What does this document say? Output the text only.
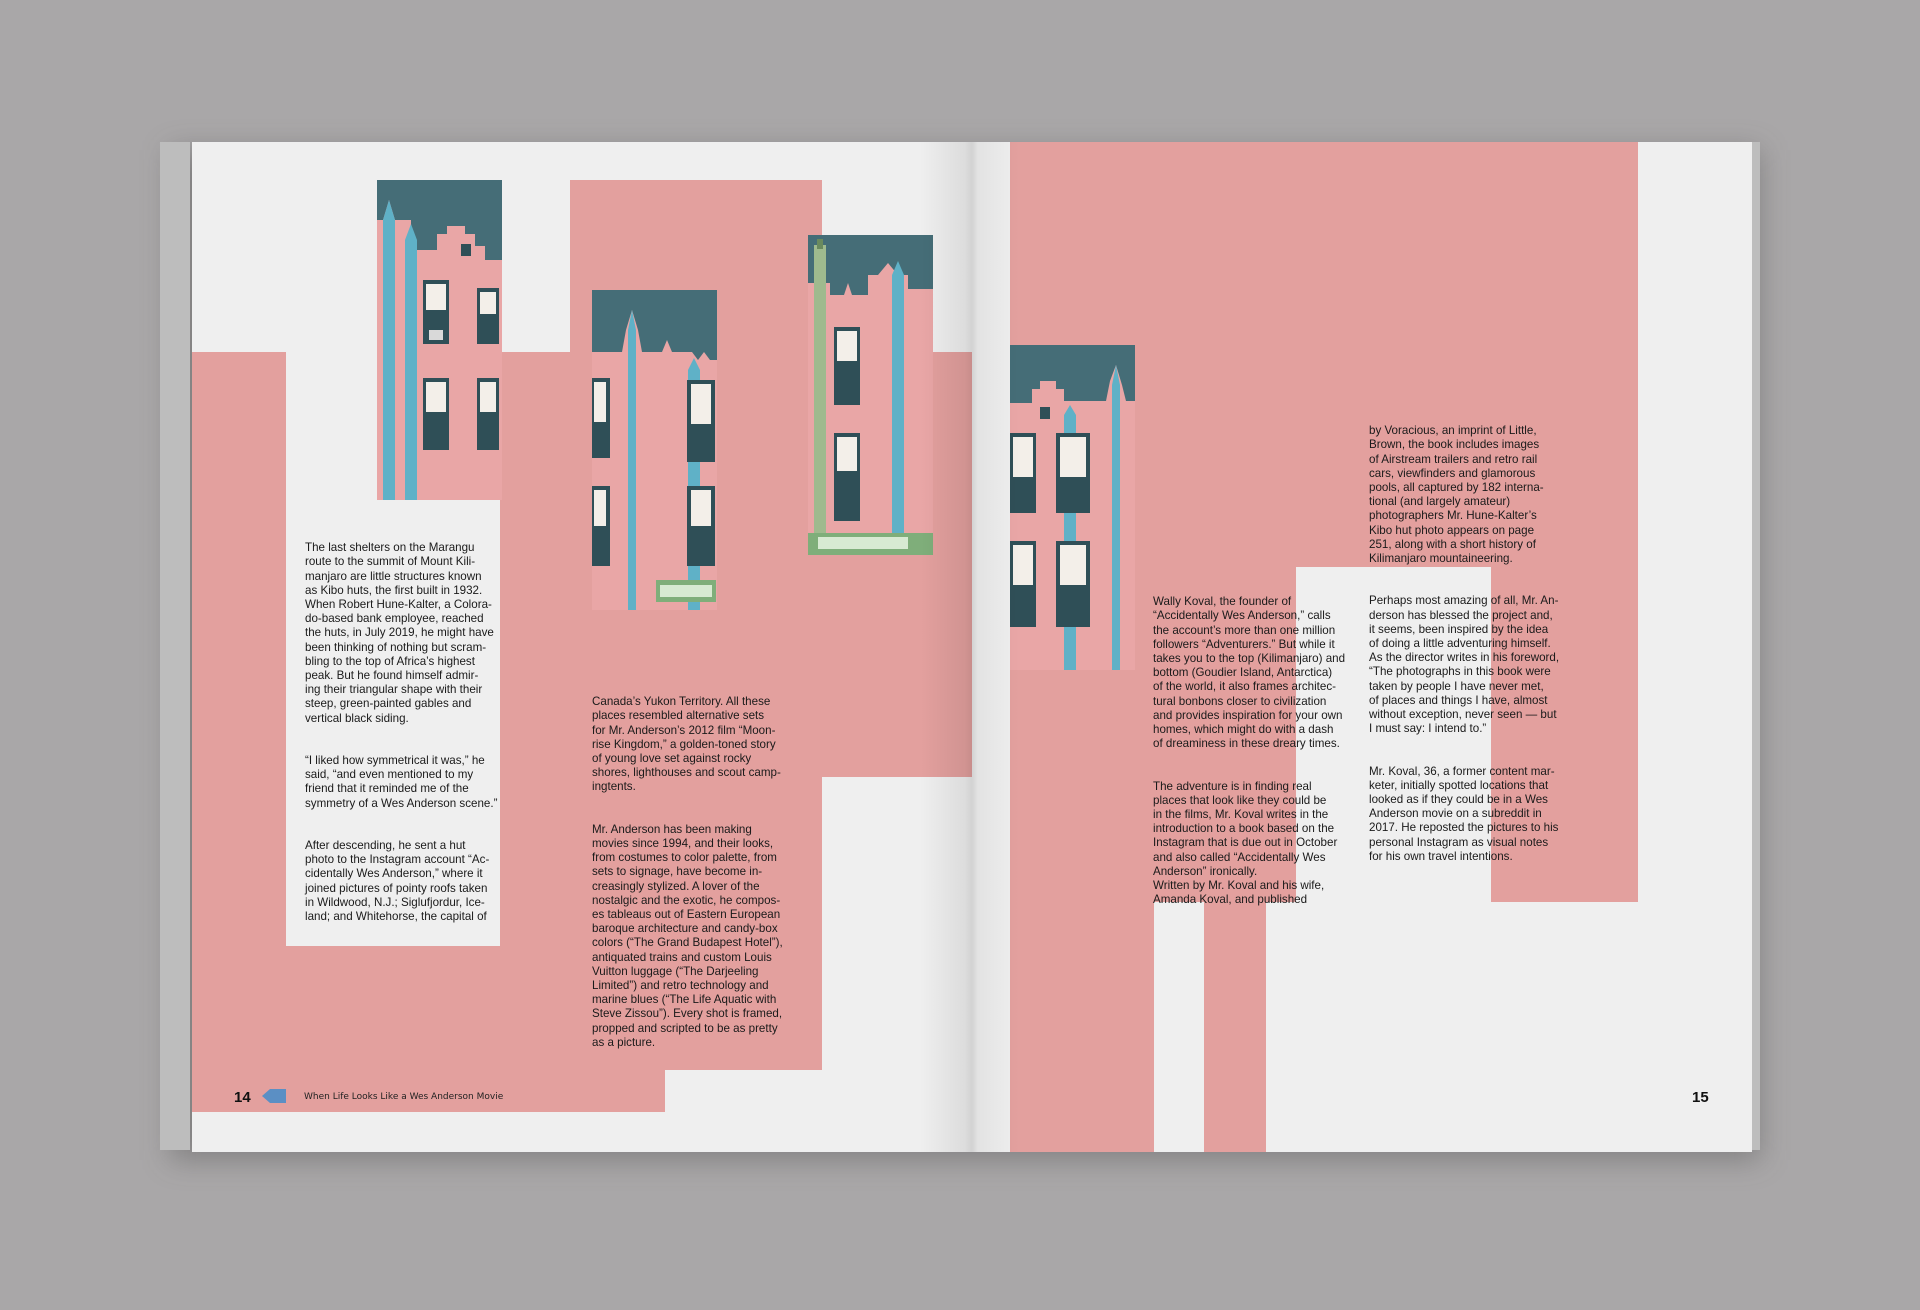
The last shelters on the Marangu
route to the summit of Mount Kili-
manjaro are little structures known
as Kibo huts, the first built in 1932.
When Robert Hune-Kalter, a Colora-
do-based bank employee, reached
the huts, in July 2019, he might have
been thinking of nothing but scram-
bling to the top of Africa’s highest
peak. But he found himself admir-
ing their triangular shape with their
steep, green-painted gables and
vertical black siding.

“I liked how symmetrical it was,” he
said, “and even mentioned to my
friend that it reminded me of the
symmetry of a Wes Anderson scene.”

After descending, he sent a hut
photo to the Instagram account “Ac-
cidentally Wes Anderson,” where it
joined pictures of pointy roofs taken
in Wildwood, N.J.; Siglufjordur, Ice-
land; and Whitehorse, the capital of

Canada’s Yukon Territory. All these
places resembled alternative sets
for Mr. Anderson’s 2012 film “Moon-
rise Kingdom,” a golden-toned story
of young love set against rocky
shores, lighthouses and scout camp-
ingtents.

Mr. Anderson has been making
movies since 1994, and their looks,
from costumes to color palette, from
sets to signage, have become in-
creasingly stylized. A lover of the
nostalgic and the exotic, he compos-
es tableaus out of Eastern European
baroque architecture and candy-box
colors (“The Grand Budapest Hotel”),
antiquated trains and custom Louis
Vuitton luggage (“The Darjeeling
Limited”) and retro technology and
marine blues (“The Life Aquatic with
Steve Zissou”). Every shot is framed,
propped and scripted to be as pretty
as a picture.

14	When Life Looks Like a Wes Anderson Movie

Wally Koval, the founder of
“Accidentally Wes Anderson,” calls
the account’s more than one million
followers “Adventurers.” But while it
takes you to the top (Kilimanjaro) and
bottom (Goudier Island, Antarctica)
of the world, it also frames architec-
tural bonbons closer to civilization
and provides inspiration for your own
homes, which might do with a dash
of dreaminess in these dreary times.

The adventure is in finding real
places that look like they could be
in the films, Mr. Koval writes in the
introduction to a book based on the
Instagram that is due out in October
and also called “Accidentally Wes
Anderson” ironically.
Written by Mr. Koval and his wife,
Amanda Koval, and published

by Voracious, an imprint of Little,
Brown, the book includes images
of Airstream trailers and retro rail
cars, viewfinders and glamorous
pools, all captured by 182 interna-
tional (and largely amateur)
photographers Mr. Hune-Kalter’s
Kibo hut photo appears on page
251, along with a short history of
Kilimanjaro mountaineering.

Perhaps most amazing of all, Mr. An-
derson has blessed the project and,
it seems, been inspired by the idea
of doing a little adventuring himself.
As the director writes in his foreword,
“The photographs in this book were
taken by people I have never met,
of places and things I have, almost
without exception, never seen — but
I must say: I intend to.”

Mr. Koval, 36, a former content mar-
keter, initially spotted locations that
looked as if they could be in a Wes
Anderson movie on a subreddit in
2017. He reposted the pictures to his
personal Instagram as visual notes
for his own travel intentions.

15
